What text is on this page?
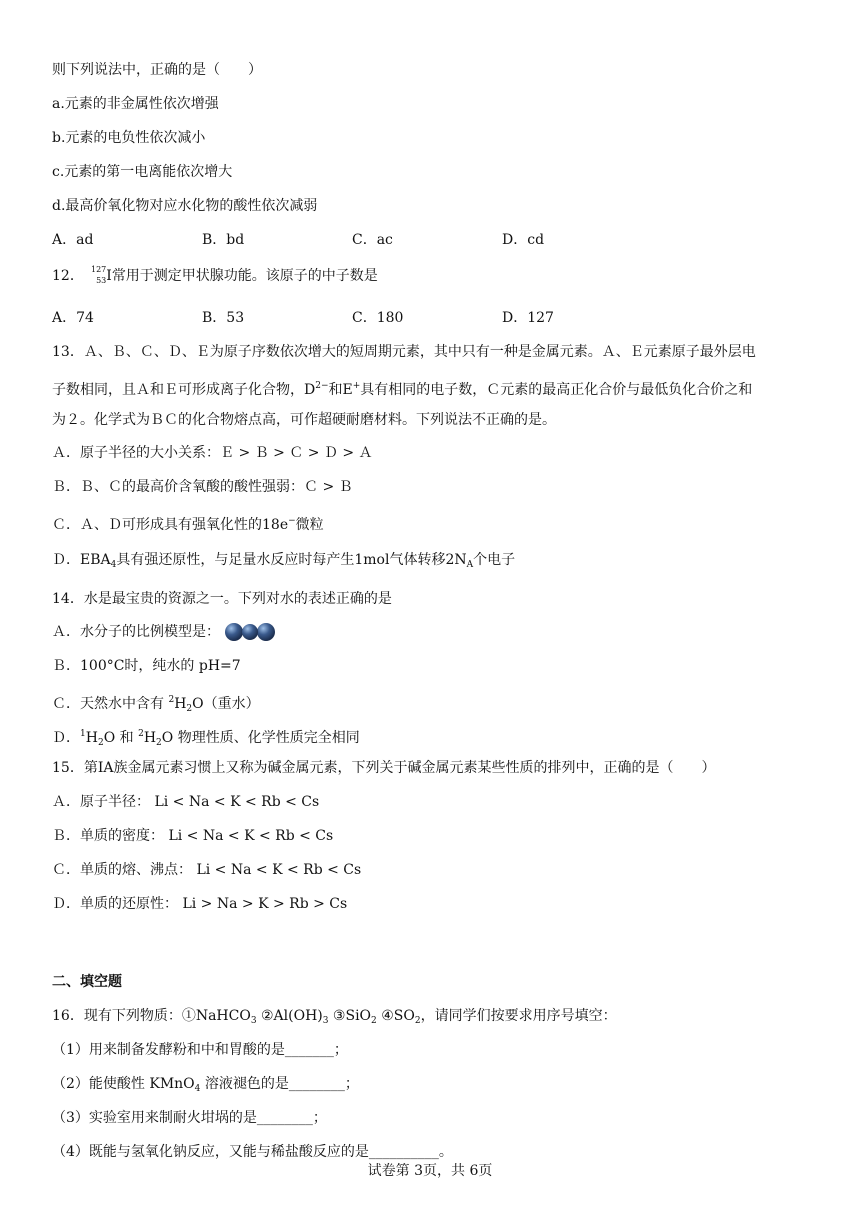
则下列说法中，正确的是（　　）
a.元素的非金属性依次增强
b.元素的电负性依次减小
c.元素的第一电离能依次增大
d.最高价氧化物对应水化物的酸性依次减弱
A．ad	B．bd	C．ac	D．cd
12． 127
53 I常用于测定甲状腺功能。该原子的中子数是
A．74	B．53	C．180	D．127
13．Ａ、Ｂ、Ｃ、Ｄ、Ｅ为原子序数依次增大的短周期元素，其中只有一种是金属元素。Ａ、Ｅ元素原子最外层电
子数相同，且Ａ和Ｅ可形成离子化合物，$D^{2-}$和E+具有相同的电子数，Ｃ元素的最高正化合价与最低负化合价之和
为２。化学式为ＢＣ的化合物熔点高，可作超硬耐磨材料。下列说法不正确的是。
Ａ．原子半径的大小关系：Ｅ > Ｂ > Ｃ > Ｄ > Ａ
Ｂ．Ｂ、Ｃ的最高价含氧酸的酸性强弱：Ｃ > Ｂ
Ｃ．Ａ、Ｄ可形成具有强氧化性的18e−微粒
Ｄ．$EBA_4$具有强还原性，与足量水反应时每产生1mol气体转移$2N_A$个电子
14．水是最宝贵的资源之一。下列对水的表述正确的是
Ａ．水分子的比例模型是：
Ｂ．100°C时，纯水的 pH=7
Ｃ．天然水中含有 $^2H_2O$（重水）
Ｄ．$^1H_2O$ 和 $^2H_2O$ 物理性质、化学性质完全相同
15．第ⅠA族金属元素习惯上又称为碱金属元素，下列关于碱金属元素某些性质的排列中，正确的是（　　）
Ａ．原子半径： Li < Na < K < Rb < Cs
Ｂ．单质的密度： Li < Na < K < Rb < Cs
Ｃ．单质的熔、沸点： Li < Na < K < Rb < Cs
Ｄ．单质的还原性： Li > Na > K > Rb > Cs
二、填空题
16．现有下列物质：①NaHCO$_3$ $②Al(OH)_3$ ③SiO$_2$ $④SO_2$，请同学们按要求用序号填空：
（1）用来制备发酵粉和中和胃酸的是_______；
（2）能使酸性 KMnO$_4$ 溶液褪色的是________；
（3）实验室用来制耐火坩埚的是________；
（4）既能与氢氧化钠反应，又能与稀盐酸反应的是__________。
试卷第 3页，共 6页
